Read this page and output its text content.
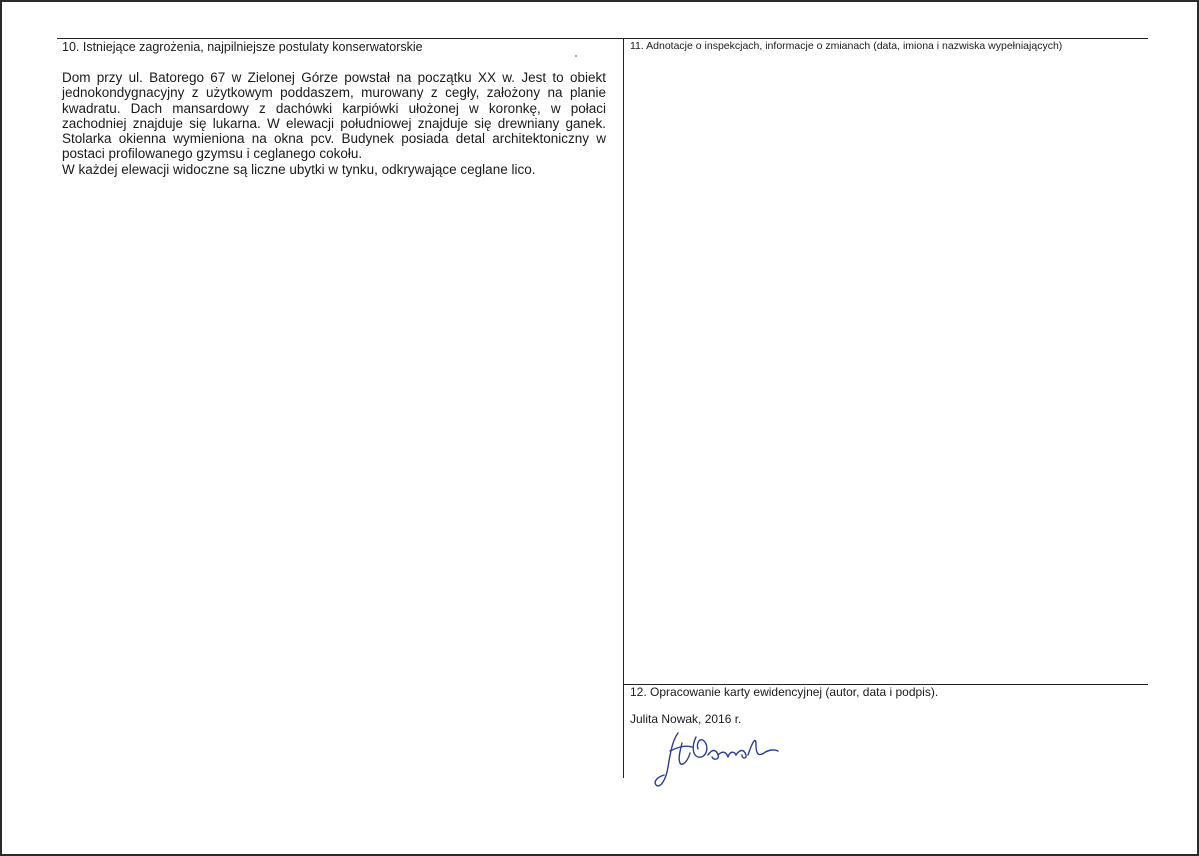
10. Istniejące zagrożenia, najpilniejsze postulaty konserwatorskie

Dom przy ul. Batorego 67 w Zielonej Górze powstał na początku XX w. Jest to obiekt jednokondygnacyjny z użytkowym poddaszem, murowany z cegły, założony na planie kwadratu. Dach mansardowy z dachówki karpiówki ułożonej w koronkę, w połaci zachodniej znajduje się lukarna. W elewacji południowej znajduje się drewniany ganek. Stolarka okienna wymieniona na okna pcv. Budynek posiada detal architektoniczny w postaci profilowanego gzymsu i ceglanego cokołu.

W każdej elewacji widoczne są liczne ubytki w tynku, odkrywające ceglane lico.

11. Adnotacje o inspekcjach, informacje o zmianach (data, imiona i nazwiska wypełniających)
12. Opracowanie karty ewidencyjnej (autor, data i podpis).
Julita Nowak, 2016 r.
